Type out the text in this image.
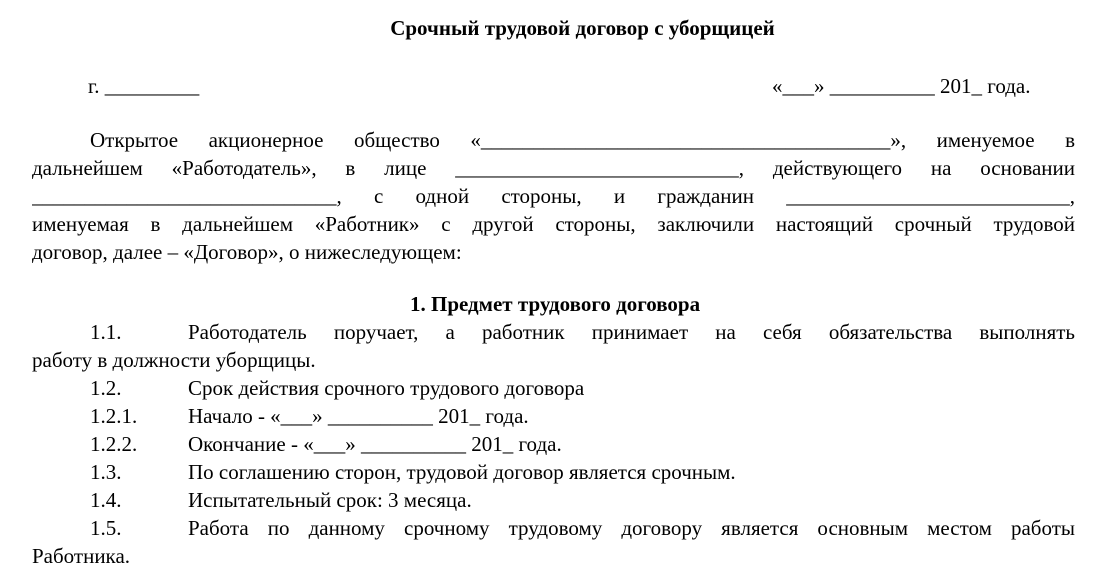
Срочный трудовой договор с уборщицей
г. _________	«___» __________ 201_ года.
Открытое акционерное общество «_______________________________________», именуемое в
дальнейшем «Работодатель», в лице ___________________________, действующего на основании
_____________________________, с одной стороны, и гражданин ___________________________,
именуемая в дальнейшем «Работник» с другой стороны, заключили настоящий срочный трудовой
договор, далее – «Договор», о нижеследующем:
1. Предмет трудового договора
1.1.	Работодатель поручает, а работник принимает на себя обязательства выполнять
работу в должности уборщицы.
1.2.	Срок действия срочного трудового договора
1.2.1. Начало - «___» __________ 201_ года.
1.2.2. Окончание - «___» __________ 201_ года.
1.3.	По соглашению сторон, трудовой договор является срочным.
1.4.	Испытательный срок: 3 месяца.
1.5.	Работа по данному срочному трудовому договору является основным местом работы
Работника.
